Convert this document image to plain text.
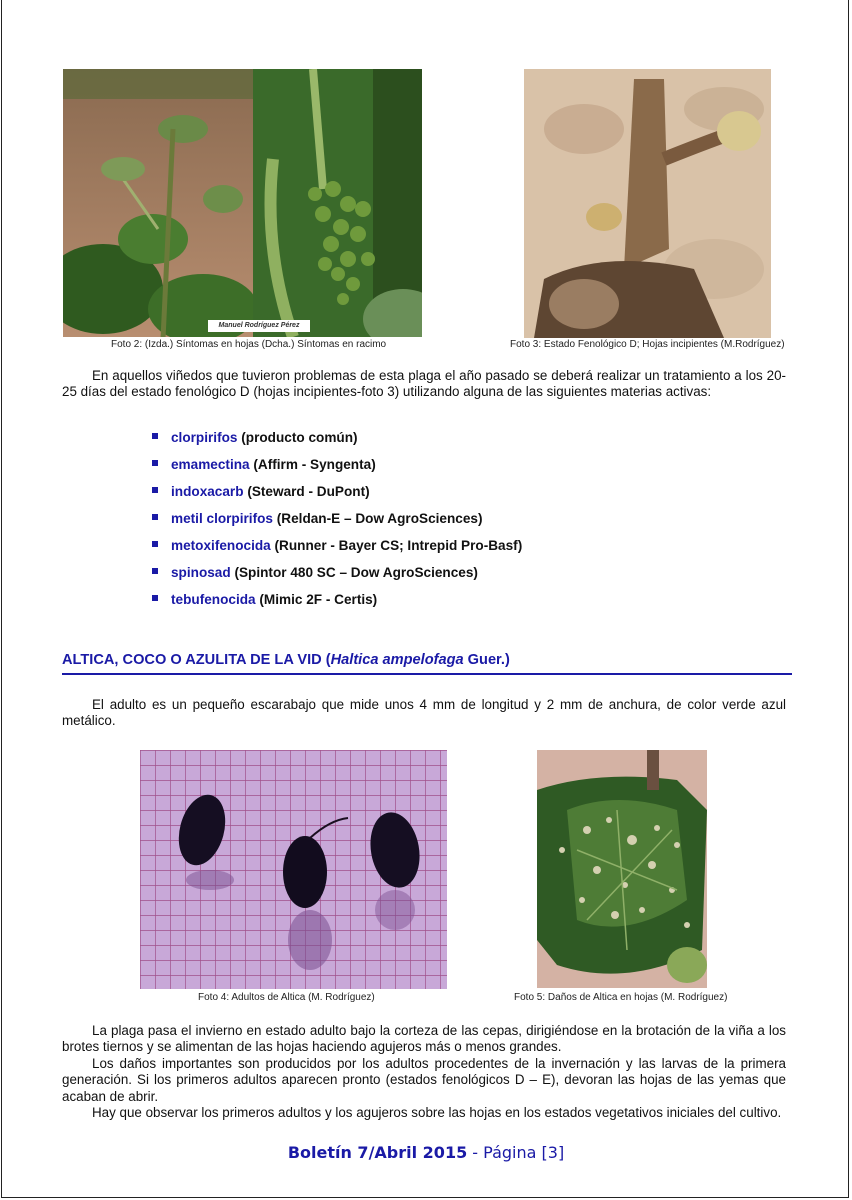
Manuel Rodríguez Pérez
Foto 2: (Izda.) Síntomas en hojas (Dcha.) Síntomas en racimo	Foto 3: Estado Fenológico D; Hojas incipientes (M.Rodríguez)

En aquellos viñedos que tuvieron problemas de esta plaga el año pasado se deberá realizar un tratamiento a los 20-25 días del estado fenológico D (hojas incipientes-foto 3) utilizando alguna de las siguientes materias activas:

clorpirifos (producto común)
emamectina (Affirm - Syngenta)
indoxacarb (Steward - DuPont)
metil clorpirifos (Reldan-E – Dow AgroSciences)
metoxifenocida (Runner - Bayer CS; Intrepid Pro-Basf)
spinosad (Spintor 480 SC – Dow AgroSciences)
tebufenocida (Mimic 2F - Certis)
ALTICA, COCO O AZULITA DE LA VID (Haltica ampelofaga Guer.)

El adulto es un pequeño escarabajo que mide unos 4 mm de longitud y 2 mm de anchura, de color verde azul metálico.

Foto 4: Adultos de Altica (M. Rodríguez)	Foto 5: Daños de Altica en hojas (M. Rodríguez)

La plaga pasa el invierno en estado adulto bajo la corteza de las cepas, dirigiéndose en la brotación de la viña a los brotes tiernos y se alimentan de las hojas haciendo agujeros más o menos grandes.

Los daños importantes son producidos por los adultos procedentes de la invernación y las larvas de la primera generación. Si los primeros adultos aparecen pronto (estados fenológicos D – E), devoran las hojas de las yemas que acaban de abrir.

Hay que observar los primeros adultos y los agujeros sobre las hojas en los estados vegetativos iniciales del cultivo.

Boletín 7/Abril 2015 - Página [3]
